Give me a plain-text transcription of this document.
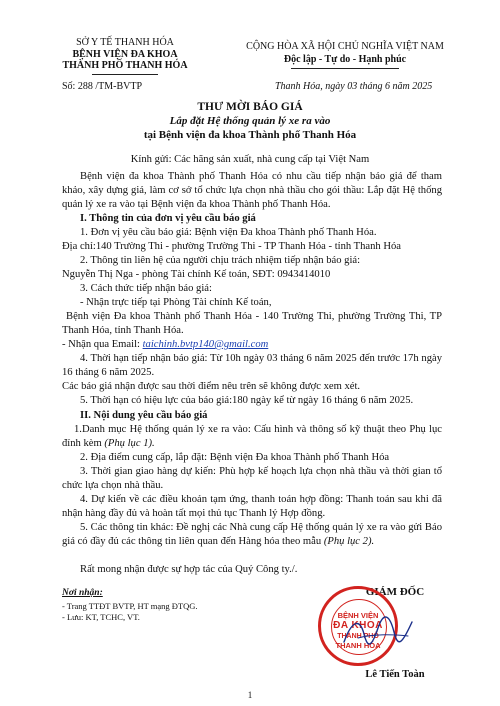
SỞ Y TẾ THANH HÓA
BỆNH VIỆN ĐA KHOA
THÀNH PHỐ THANH HÓA
Số: 288 /TM-BVTP
CỘNG HÒA XÃ HỘI CHỦ NGHĨA VIỆT NAM
Độc lập - Tự do - Hạnh phúc
Thanh Hóa, ngày 03 tháng 6 năm 2025
THƯ MỜI BÁO GIÁ
Lắp đặt Hệ thống quản lý xe ra vào
tại Bệnh viện đa khoa Thành phố Thanh Hóa
Kính gửi: Các hãng sản xuất, nhà cung cấp tại Việt Nam
Bệnh viện đa khoa Thành phố Thanh Hóa có nhu cầu tiếp nhận báo giá để tham khảo, xây dựng giá, làm cơ sở tổ chức lựa chọn nhà thầu cho gói thầu: Lắp đặt Hệ thống quản lý xe ra vào tại Bệnh viện đa khoa Thành phố Thanh Hóa.
I. Thông tin của đơn vị yêu cầu báo giá
1. Đơn vị yêu cầu báo giá: Bệnh viện Đa khoa Thành phố Thanh Hóa.
Địa chỉ:140 Trường Thi - phường Trường Thi - TP Thanh Hóa - tỉnh Thanh Hóa
2. Thông tin liên hệ của người chịu trách nhiệm tiếp nhận báo giá:
Nguyễn Thị Nga - phòng Tài chính Kế toán, SĐT: 0943414010
3. Cách thức tiếp nhận báo giá:
- Nhận trực tiếp tại Phòng Tài chính Kế toán,
Bệnh viện Đa khoa Thành phố Thanh Hóa - 140 Trường Thi, phường Trường Thi, TP Thanh Hóa, tỉnh Thanh Hóa.
- Nhận qua Email: taichinh.bvtp140@gmail.com
4. Thời hạn tiếp nhận báo giá: Từ 10h ngày 03 tháng 6 năm 2025 đến trước 17h ngày 16 tháng 6 năm 2025.
Các báo giá nhận được sau thời điểm nêu trên sẽ không được xem xét.
5. Thời hạn có hiệu lực của báo giá:180 ngày kể từ ngày 16 tháng 6 năm 2025.
II. Nội dung yêu cầu báo giá
1.Danh mục Hệ thống quản lý xe ra vào: Cấu hình và thông số kỹ thuật theo Phụ lục đính kèm (Phụ lục 1).
2. Địa điểm cung cấp, lắp đặt: Bệnh viện Đa khoa Thành phố Thanh Hóa
3. Thời gian giao hàng dự kiến: Phù hợp kế hoạch lựa chọn nhà thầu và thời gian tổ chức lựa chọn nhà thầu.
4. Dự kiến về các điều khoản tạm ứng, thanh toán hợp đồng: Thanh toán sau khi đã nhận hàng đầy đủ và hoàn tất mọi thủ tục Thanh lý Hợp đồng.
5. Các thông tin khác: Đề nghị các Nhà cung cấp Hệ thống quản lý xe ra vào gửi Báo giá có đầy đủ các thông tin liên quan đến Hàng hóa theo mẫu (Phụ lục 2).
Rất mong nhận được sự hợp tác của Quý Công ty./.
Nơi nhận:
- Trang TTĐT BVTP, HT mạng ĐTQG.
- Lưu: KT, TCHC, VT.
GIÁM ĐỐC
BỆNH VIỆN
ĐA KHOA
THÀNH PHỐ
THANH HÓA
Lê Tiến Toàn
1
